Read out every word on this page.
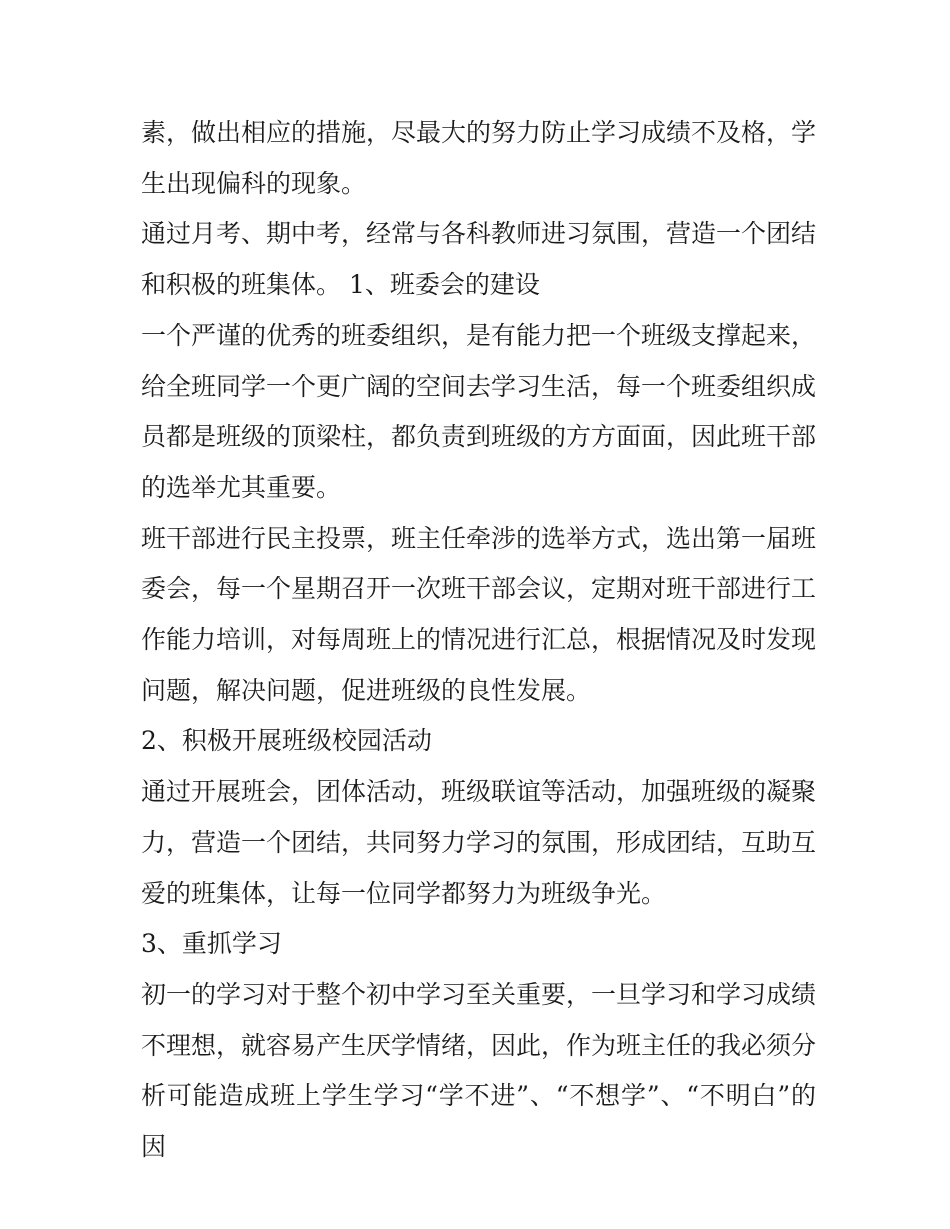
素，做出相应的措施，尽最大的努力防止学习成绩不及格，学生出现偏科的现象。

通过月考、期中考，经常与各科教师进习氛围，营造一个团结和积极的班集体。 1、班委会的建设

一个严谨的优秀的班委组织，是有能力把一个班级支撑起来，给全班同学一个更广阔的空间去学习生活，每一个班委组织成员都是班级的顶梁柱，都负责到班级的方方面面，因此班干部的选举尤其重要。

班干部进行民主投票，班主任牵涉的选举方式，选出第一届班委会，每一个星期召开一次班干部会议，定期对班干部进行工作能力培训，对每周班上的情况进行汇总，根据情况及时发现问题，解决问题，促进班级的良性发展。

2、积极开展班级校园活动

通过开展班会，团体活动，班级联谊等活动，加强班级的凝聚力，营造一个团结，共同努力学习的氛围，形成团结，互助互爱的班集体，让每一位同学都努力为班级争光。

3、重抓学习

初一的学习对于整个初中学习至关重要，一旦学习和学习成绩不理想，就容易产生厌学情绪，因此，作为班主任的我必须分析可能造成班上学生学习“学不进”、“不想学”、“不明白”的因
